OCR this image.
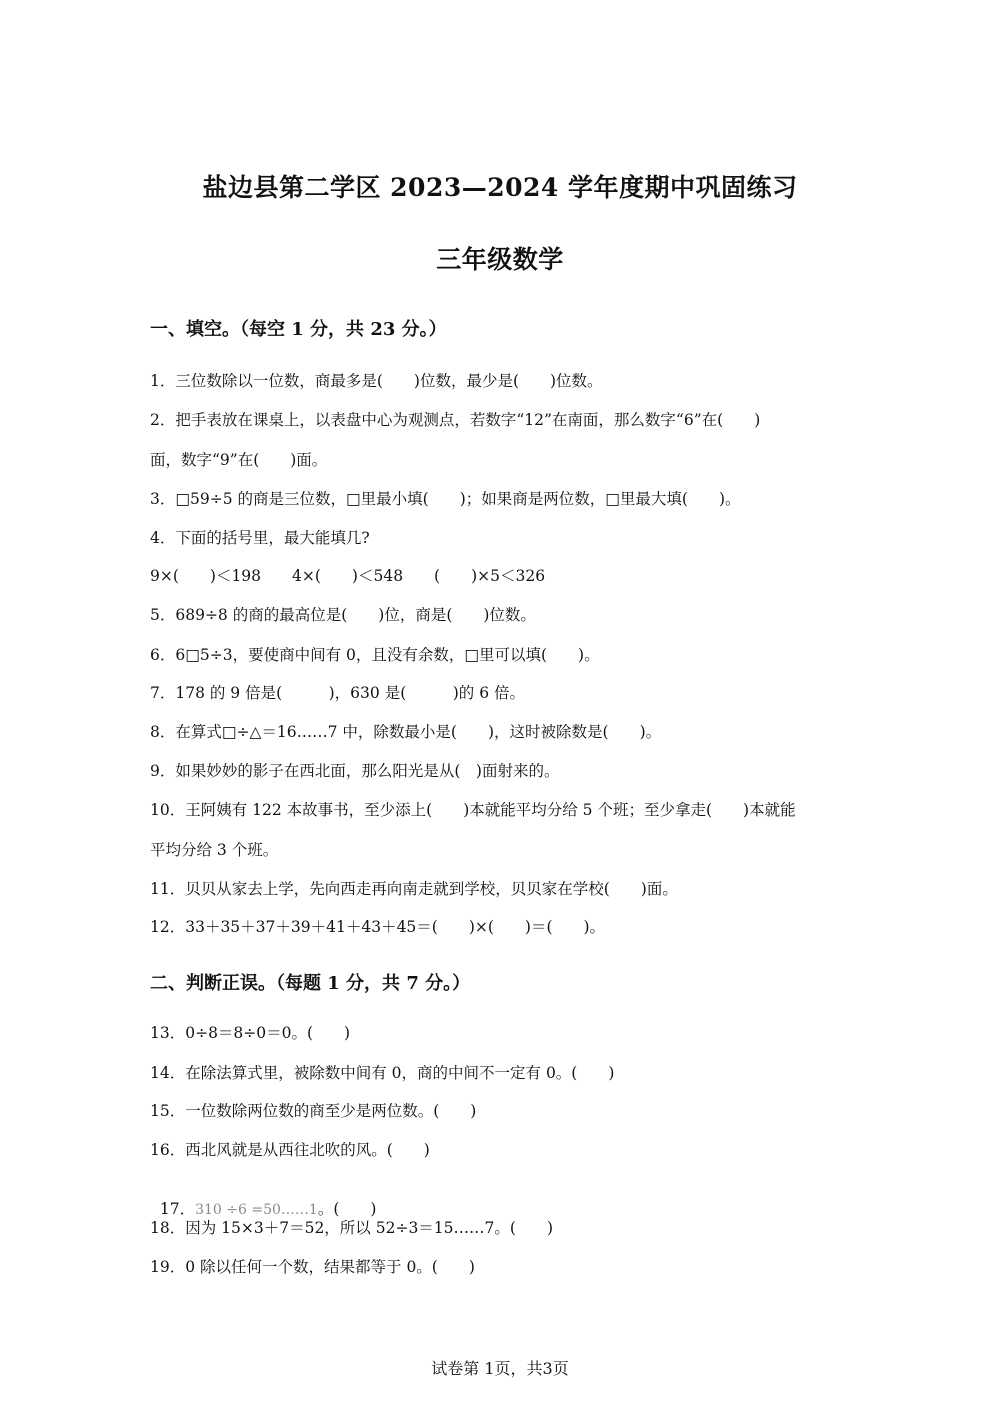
盐边县第二学区 2023—2024 学年度期中巩固练习
三年级数学
一、填空。（每空 1 分，共 23 分。）
1．三位数除以一位数，商最多是(　　)位数，最少是(　　)位数。
2．把手表放在课桌上，以表盘中心为观测点，若数字“12”在南面，那么数字“6”在(　　)
面，数字“9”在(　　)面。
3．□59÷5 的商是三位数，□里最小填(　　)；如果商是两位数，□里最大填(　　)。
4．下面的括号里，最大能填几?
9×(　　)＜198　　4×(　　)＜548　　(　　)×5＜326
5．689÷8 的商的最高位是(　　)位，商是(　　)位数。
6．6□5÷3，要使商中间有 0，且没有余数，□里可以填(　　)。
7．178 的 9 倍是(　　　)，630 是(　　　)的 6 倍。
8．在算式□÷△＝16……7 中，除数最小是(　　)，这时被除数是(　　)。
9．如果妙妙的影子在西北面，那么阳光是从(　)面射来的。
10．王阿姨有 122 本故事书，至少添上(　　)本就能平均分给 5 个班；至少拿走(　　)本就能
平均分给 3 个班。
11．贝贝从家去上学，先向西走再向南走就到学校，贝贝家在学校(　　)面。
12．33＋35＋37＋39＋41＋43＋45＝(　　)×(　　)＝(　　)。
二、判断正误。（每题 1 分，共 7 分。）
13．0÷8＝8÷0＝0。(　　)
14．在除法算式里，被除数中间有 0，商的中间不一定有 0。(　　)
15．一位数除两位数的商至少是两位数。(　　)
16．西北风就是从西往北吹的风。(　　)

17．310 ÷6 =50……1。(　　)

18．因为 15×3＋7＝52，所以 52÷3＝15……7。(　　)
19．0 除以任何一个数，结果都等于 0。(　　)
试卷第 1页，共3页
